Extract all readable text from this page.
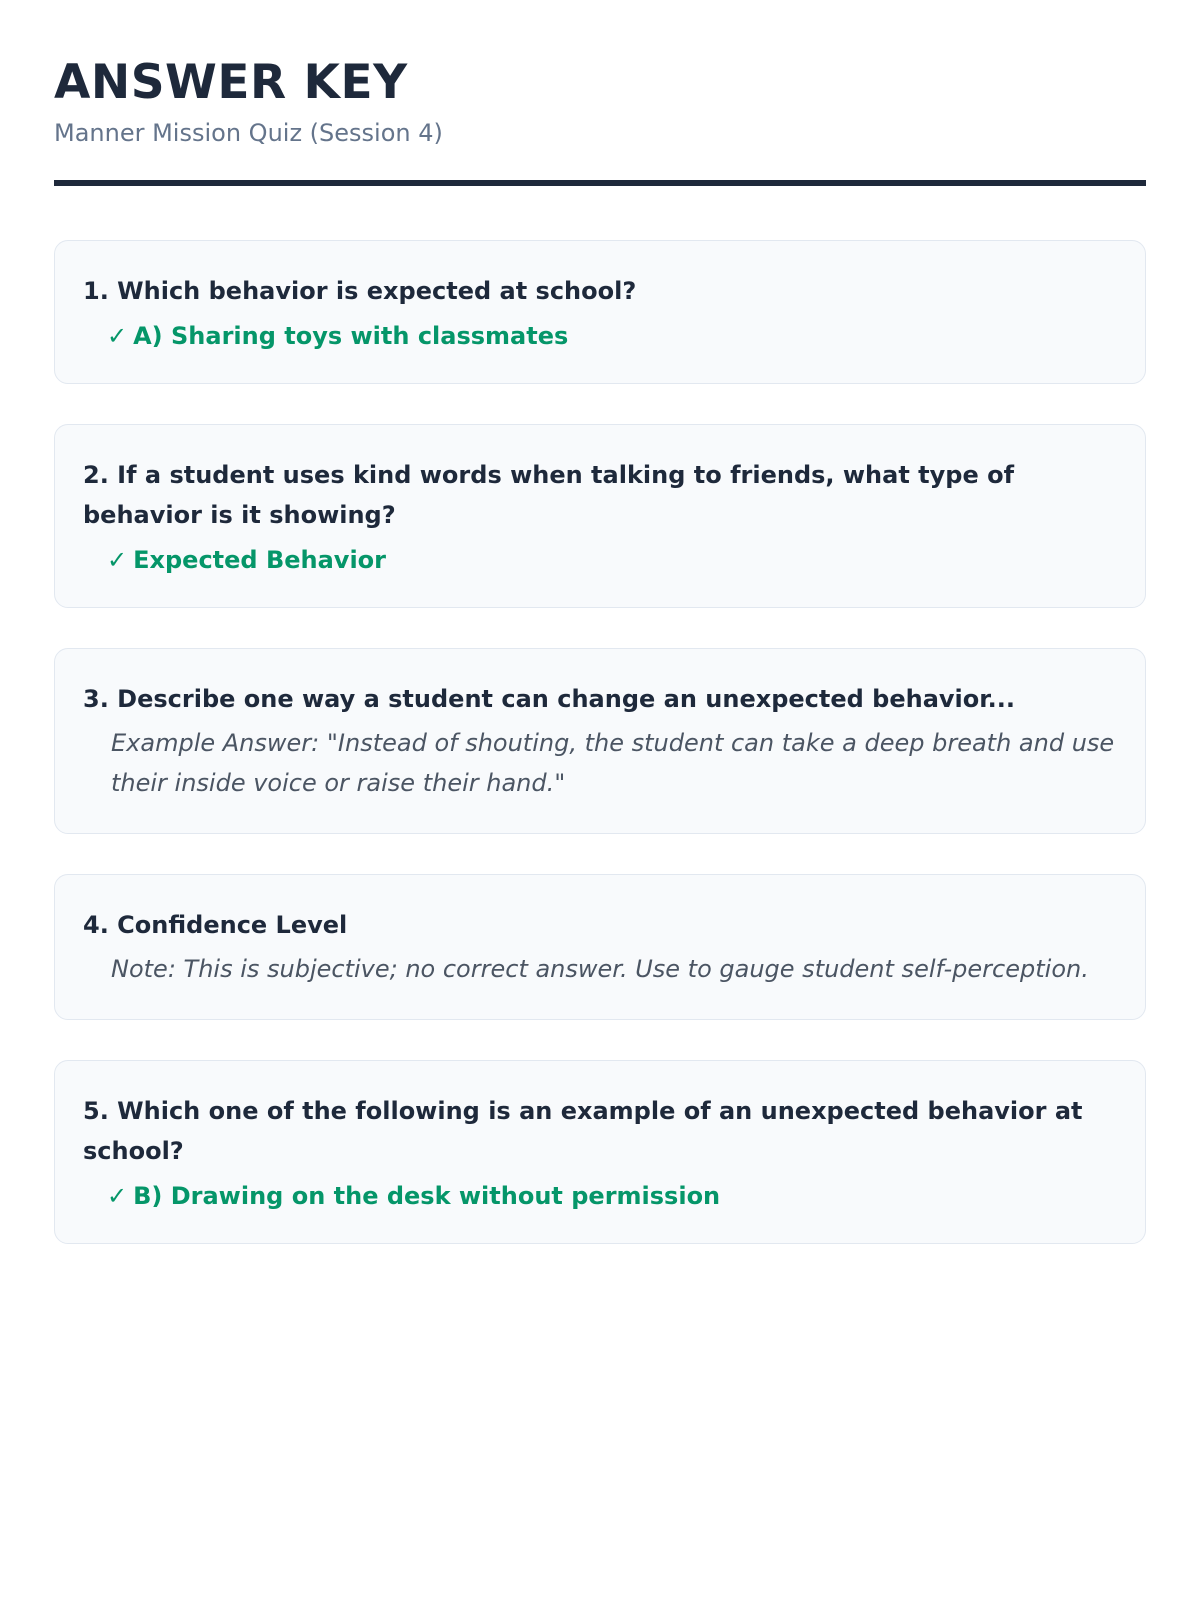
ANSWER KEY
Manner Mission Quiz (Session 4)

1. Which behavior is expected at school?

✓ A) Sharing toys with classmates

2. If a student uses kind words when talking to friends, what type of behavior is it showing?

✓ Expected Behavior

3. Describe one way a student can change an unexpected behavior...

Example Answer: "Instead of shouting, the student can take a deep breath and use their inside voice or raise their hand."

4. Confidence Level

Note: This is subjective; no correct answer. Use to gauge student self-perception.

5. Which one of the following is an example of an unexpected behavior at school?

✓ B) Drawing on the desk without permission
